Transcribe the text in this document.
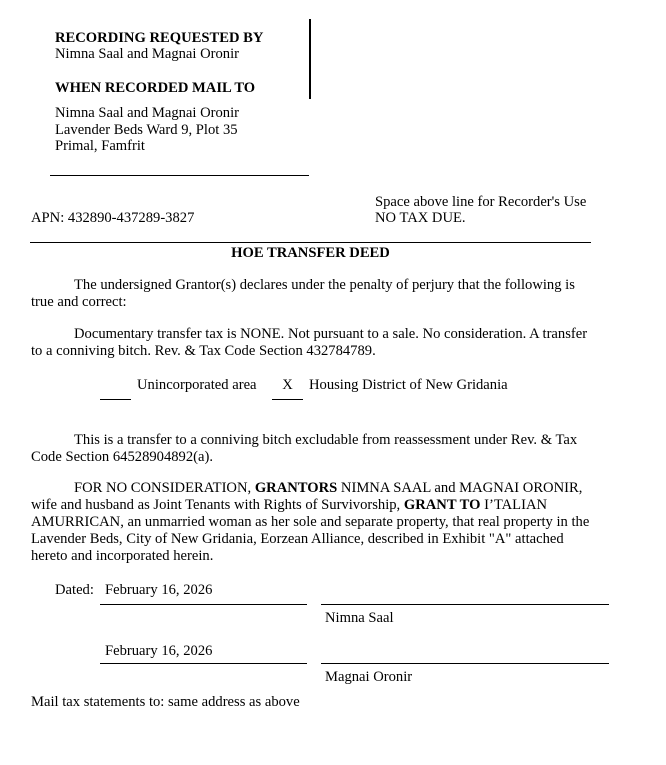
RECORDING REQUESTED BY
Nimna Saal and Magnai Oronir
WHEN RECORDED MAIL TO
Nimna Saal and Magnai Oronir
Lavender Beds Ward 9, Plot 35
Primal, Famfrit
Space above line for Recorder's Use
NO TAX DUE.
APN: 432890-437289-3827
HOE TRANSFER DEED
The undersigned Grantor(s) declares under the penalty of perjury that the following is true and correct:
Documentary transfer tax is NONE. Not pursuant to a sale. No consideration. A transfer to a conniving bitch. Rev. & Tax Code Section 432784789.
Unincorporated area	X	Housing District of New Gridania
This is a transfer to a conniving bitch excludable from reassessment under Rev. & Tax Code Section 64528904892(a).
FOR NO CONSIDERATION, GRANTORS NIMNA SAAL and MAGNAI ORONIR, wife and husband as Joint Tenants with Rights of Survivorship, GRANT TO I’TALIAN AMURRICAN, an unmarried woman as her sole and separate property, that real property in the Lavender Beds, City of New Gridania, Eorzean Alliance, described in Exhibit "A" attached hereto and incorporated herein.
Dated: February 16, 2026
Nimna Saal
February 16, 2026
Magnai Oronir
Mail tax statements to: same address as above
